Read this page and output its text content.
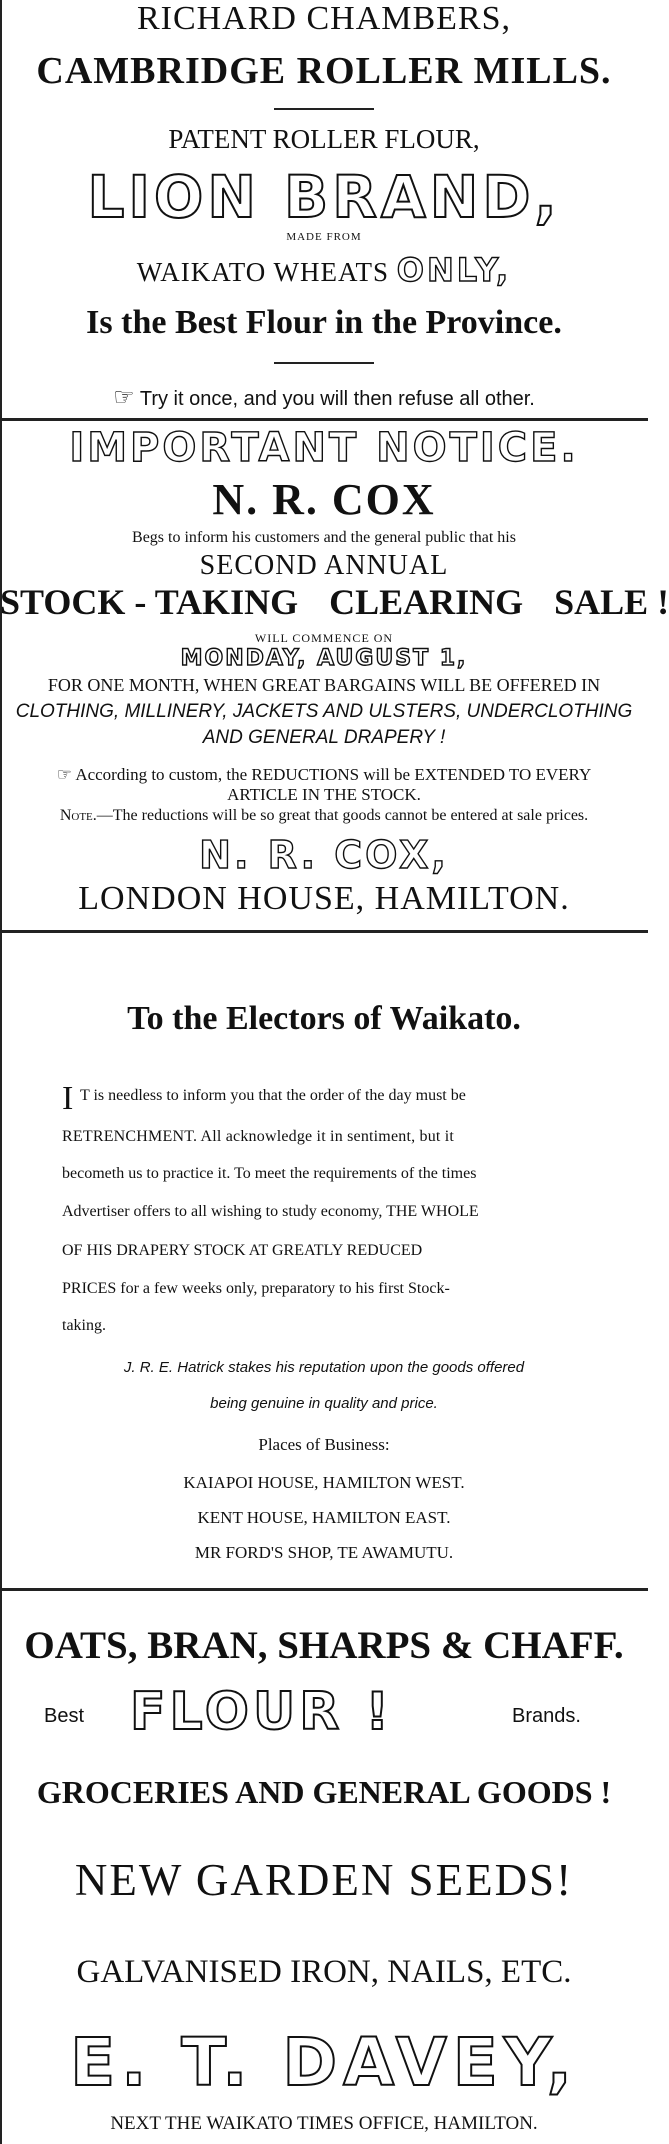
RICHARD CHAMBERS,
CAMBRIDGE ROLLER MILLS.
PATENT ROLLER FLOUR,
LION BRAND,
MADE FROM
WAIKATO WHEATS ONLY,
Is the Best Flour in the Province.
☞ Try it once, and you will then refuse all other.
IMPORTANT NOTICE.
N. R. COX
Begs to inform his customers and the general public that his
SECOND ANNUAL
STOCK - TAKING CLEARING SALE !
WILL COMMENCE ON
MONDAY, AUGUST 1,
FOR ONE MONTH, WHEN GREAT BARGAINS WILL BE OFFERED IN
CLOTHING, MILLINERY, JACKETS AND ULSTERS, UNDERCLOTHING
AND GENERAL DRAPERY !
☞ According to custom, the REDUCTIONS will be EXTENDED TO EVERY
ARTICLE IN THE STOCK.
Note.—The reductions will be so great that goods cannot be entered at sale prices.
N. R. COX,
LONDON HOUSE, HAMILTON.
To the Electors of Waikato.
I T is needless to inform you that the order of the day must be
RETRENCHMENT. All acknowledge it in sentiment, but it
becometh us to practice it. To meet the requirements of the times
Advertiser offers to all wishing to study economy, THE WHOLE
OF HIS DRAPERY STOCK AT GREATLY REDUCED
PRICES for a few weeks only, preparatory to his first Stock-
taking.
J. R. E. Hatrick stakes his reputation upon the goods offered
being genuine in quality and price.
Places of Business:
KAIAPOI HOUSE, HAMILTON WEST.
KENT HOUSE, HAMILTON EAST.
MR FORD'S SHOP, TE AWAMUTU.
OATS, BRAN, SHARPS & CHAFF.
Best FLOUR !	Brands.
GROCERIES AND GENERAL GOODS !
NEW GARDEN SEEDS!
GALVANISED IRON, NAILS, ETC.
E. T. DAVEY,
NEXT THE WAIKATO TIMES OFFICE, HAMILTON.
